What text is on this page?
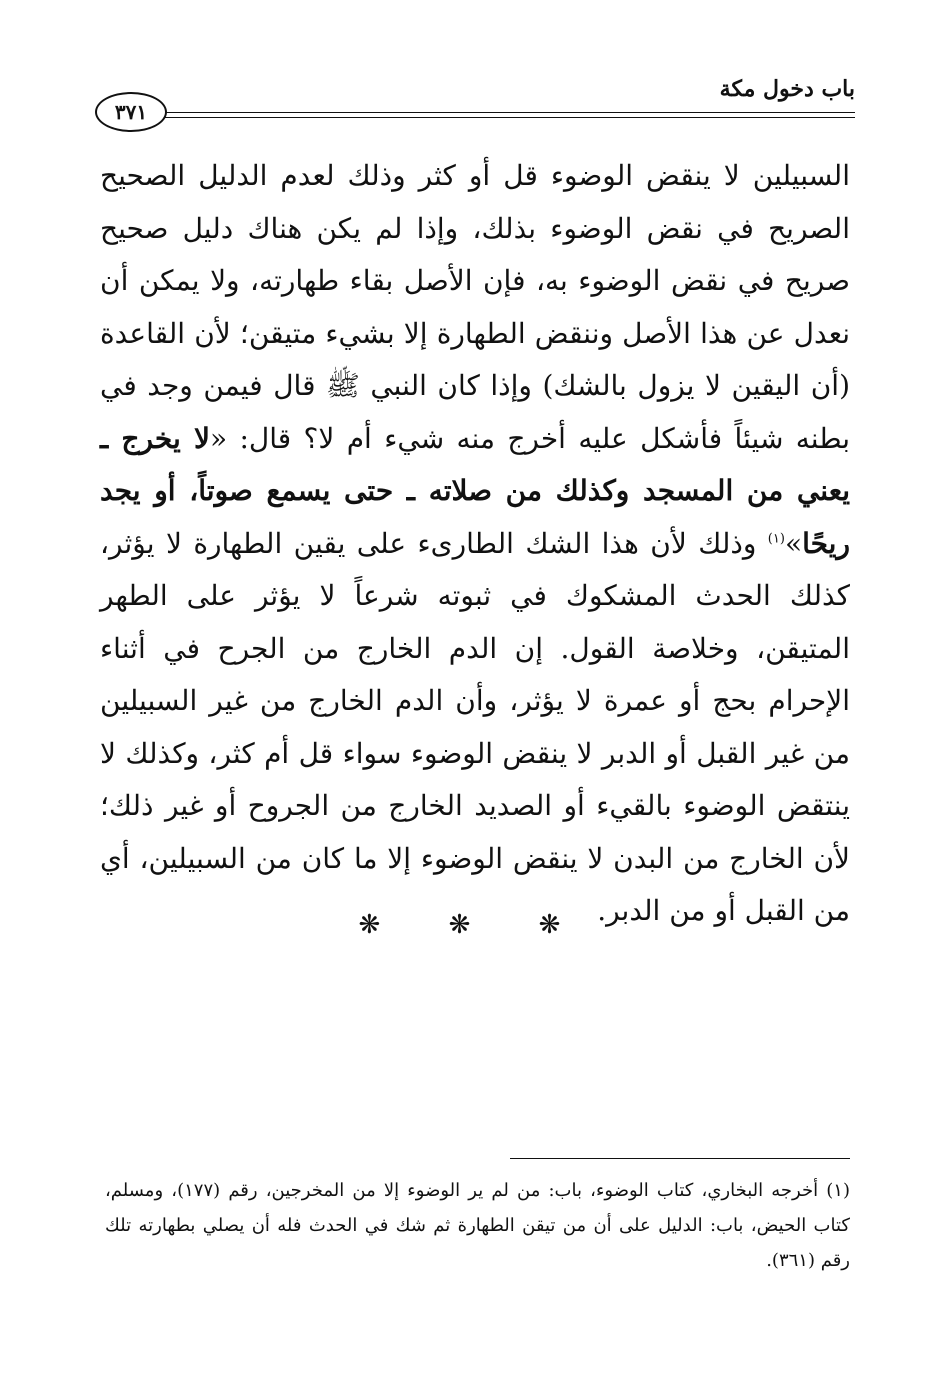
باب دخول مكة
٣٧١
السبيلين لا ينقض الوضوء قل أو كثر وذلك لعدم الدليل الصحيح الصريح في نقض الوضوء بذلك، وإذا لم يكن هناك دليل صحيح صريح في نقض الوضوء به، فإن الأصل بقاء طهارته، ولا يمكن أن نعدل عن هذا الأصل وننقض الطهارة إلا بشيء متيقن؛ لأن القاعدة (أن اليقين لا يزول بالشك) وإذا كان النبي ﷺ قال فيمن وجد في بطنه شيئاً فأشكل عليه أخرج منه شيء أم لا؟ قال: «لا يخرج ـ يعني من المسجد وكذلك من صلاته ـ حتى يسمع صوتاً، أو يجد ريحًا»$^{(١)}$ وذلك لأن هذا الشك الطارىء على يقين الطهارة لا يؤثر، كذلك الحدث المشكوك في ثبوته شرعاً لا يؤثر على الطهر المتيقن، وخلاصة القول. إن الدم الخارج من الجرح في أثناء الإحرام بحج أو عمرة لا يؤثر، وأن الدم الخارج من غير السبيلين من غير القبل أو الدبر لا ينقض الوضوء سواء قل أم كثر، وكذلك لا ينتقض الوضوء بالقيء أو الصديد الخارج من الجروح أو غير ذلك؛ لأن الخارج من البدن لا ينقض الوضوء إلا ما كان من السبيلين، أي من القبل أو من الدبر.
❋ ❋ ❋
(١) أخرجه البخاري، كتاب الوضوء، باب: من لم ير الوضوء إلا من المخرجين، رقم (١٧٧)، ومسلم، كتاب الحيض، باب: الدليل على أن من تيقن الطهارة ثم شك في الحدث فله أن يصلي بطهارته تلك رقم (٣٦١).
